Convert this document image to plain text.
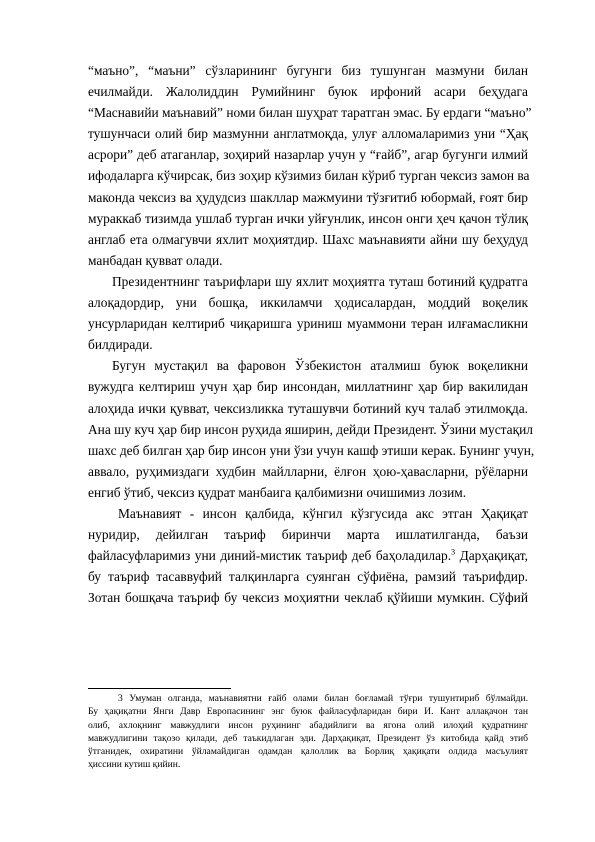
“маъно”, “маъни” сўзларининг бугунги биз тушунган мазмуни билан
ечилмайди. Жалолиддин Румийнинг буюк ирфоний асари беҳудага
“Маснавийи маънавий” номи билан шуҳрат таратган эмас. Бу ердаги “маъно”
тушунчаси олий бир мазмунни англатмоқда, улуғ алломаларимиз уни “Ҳақ
асрори” деб атаганлар, зоҳирий назарлар учун у “ғайб”, агар бугунги илмий
ифодаларга кўчирсак, биз зоҳир кўзимиз билан кўриб турган чексиз замон ва
маконда чексиз ва ҳудудсиз шакллар мажмуини тўзғитиб юбормай, ғоят бир
мураккаб тизимда ушлаб турган ички уйғунлик, инсон онги ҳеч қачон тўлиқ
англаб ета олмагувчи яхлит моҳиятдир. Шахс маънавияти айни шу беҳудуд
манбадан қувват олади.
Президентнинг таърифлари шу яхлит моҳиятга туташ ботиний қудратга
алоқадордир, уни бошқа, иккиламчи ҳодисалардан, моддий воқелик
унсурларидан келтириб чиқаришга уриниш муаммони теран илғамасликни
билдиради.
Бугун мустақил ва фаровон Ўзбекистон аталмиш буюк воқеликни
вужудга келтириш учун ҳар бир инсондан, миллатнинг ҳар бир вакилидан
алоҳида ички қувват, чексизликка туташувчи ботиний куч талаб этилмоқда.
Ана шу куч ҳар бир инсон руҳида яширин, дейди Президент. Ўзини мустақил
шахс деб билган ҳар бир инсон уни ўзи учун кашф этиши керак. Бунинг учун,
аввало, руҳимиздаги худбин майлларни, ёлғон ҳою-ҳавасларни, рўёларни
енгиб ўтиб, чексиз қудрат манбаига қалбимизни очишимиз лозим.
Маънавият - инсон қалбида, кўнгил кўзгусида акс этган Ҳақиқат
нуридир, дейилган таъриф биринчи марта ишлатилганда, баъзи
файласуфларимиз уни диний-мистик таъриф деб баҳоладилар.$^3$ Дарҳақиқат,
бу таъриф тасаввуфий талқинларга суянган сўфиёна, рамзий таърифдир.
Зотан бошқача таъриф бу чексиз моҳиятни чеклаб қўйиши мумкин. Сўфий
3 Умуман олганда, маънавиятни ғайб олами билан боғламай тўғри тушунтириб бўлмайди.
Бу ҳақиқатни Янги Давр Европасининг энг буюк файласуфларидан бири И. Кант аллақачон тан
олиб, ахлоқнинг мавжудлиги инсон руҳининг абадийлиги ва ягона олий илоҳий қудратнинг
мавжудлигини тақозо қилади, деб таъкидлаган эди. Дарҳақиқат, Президент ўз китобида қайд этиб
ўтганидек, охиратини ўйламайдиган одамдан қалоллик ва Борлиқ ҳақиқати олдида масъулият
ҳиссини кутиш қийин.
